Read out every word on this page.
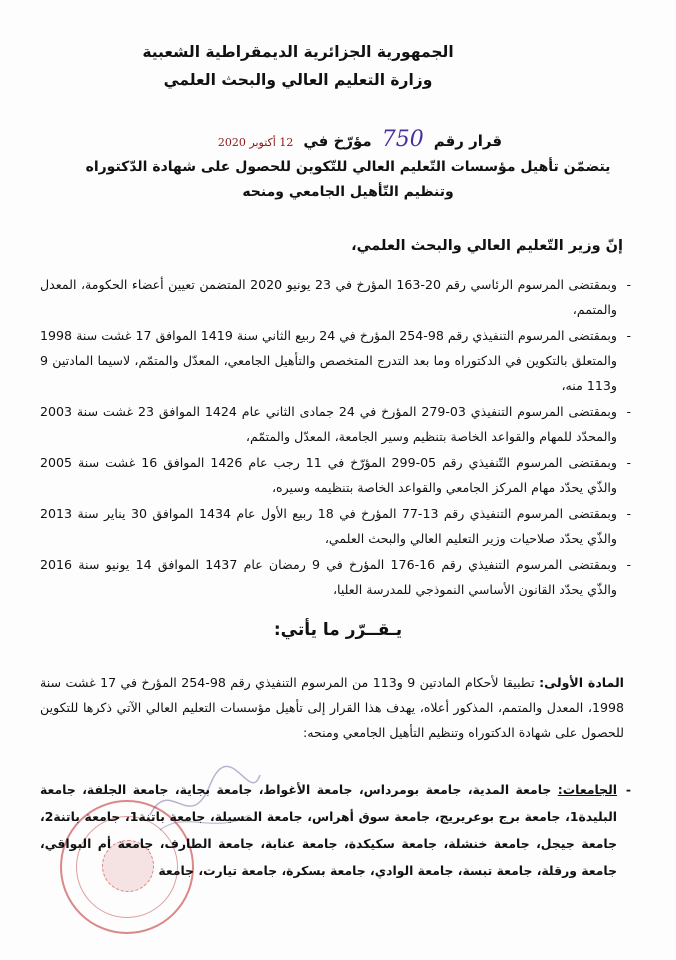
الجمهورية الجزائرية الديمقراطية الشعبية
وزارة التعليم العالي والبحث العلمي
قرار رقم
750
مؤرّخ في
12 أكتوبر 2020
يتضمّن تأهيل مؤسسات التّعليم العالي للتّكوين للحصول على شهادة الدّكتوراه
وتنظيم التّأهيل الجامعي ومنحه
إنّ وزير التّعليم العالي والبحث العلمي،
-
وبمقتضى المرسوم الرئاسي رقم 20-163 المؤرخ في 23 يونيو 2020 المتضمن تعيين أعضاء الحكومة، المعدل والمتمم،
-
وبمقتضى المرسوم التنفيذي رقم 98-254 المؤرخ في 24 ربيع الثاني سنة 1419 الموافق 17 غشت سنة 1998 والمتعلق بالتكوين في الدكتوراه وما بعد التدرج المتخصص والتأهيل الجامعي، المعدّل والمتمّم، لاسيما المادتين 9 و113 منه،
-
وبمقتضى المرسوم التنفيذي 03-279 المؤرخ في 24 جمادى الثاني عام 1424 الموافق 23 غشت سنة 2003 والمحدّد للمهام والقواعد الخاصة بتنظيم وسير الجامعة، المعدّل والمتمّم،
-
وبمقتضى المرسوم التّنفيذي رقم 05-299 المؤرّخ في 11 رجب عام 1426 الموافق 16 غشت سنة 2005 والذّي يحدّد مهام المركز الجامعي والقواعد الخاصة بتنظيمه وسيره،
-
وبمقتضى المرسوم التنفيذي رقم 13-77 المؤرخ في 18 ربيع الأول عام 1434 الموافق 30 يناير سنة 2013 والذّي يحدّد صلاحيات وزير التعليم العالي والبحث العلمي،
-
وبمقتضى المرسوم التنفيذي رقم 16-176 المؤرخ في 9 رمضان عام 1437 الموافق 14 يونيو سنة 2016 والذّي يحدّد القانون الأساسي النموذجي للمدرسة العليا،
يـقــرّر ما يأتي:
المادة الأولى: تطبيقا لأحكام المادتين 9 و113 من المرسوم التنفيذي رقم 98-254 المؤرخ في 17 غشت سنة 1998، المعدل والمتمم، المذكور أعلاه، يهدف هذا القرار إلى تأهيل مؤسسات التعليم العالي الآتي ذكرها للتكوين للحصول على شهادة الدكتوراه وتنظيم التأهيل الجامعي ومنحه:
-
الجامعات: جامعة المدية، جامعة بومرداس، جامعة الأغواط، جامعة بجاية، جامعة الجلفة، جامعة البليدة1، جامعة برج بوعريريج، جامعة سوق أهراس، جامعة المسيلة، جامعة باتنة1، جامعة باتنة2، جامعة جيجل، جامعة خنشلة، جامعة سكيكدة، جامعة عنابة، جامعة الطارف، جامعة أم البواقي، جامعة ورقلة، جامعة تبسة، جامعة الوادي، جامعة بسكرة، جامعة تيارت، جامعة
